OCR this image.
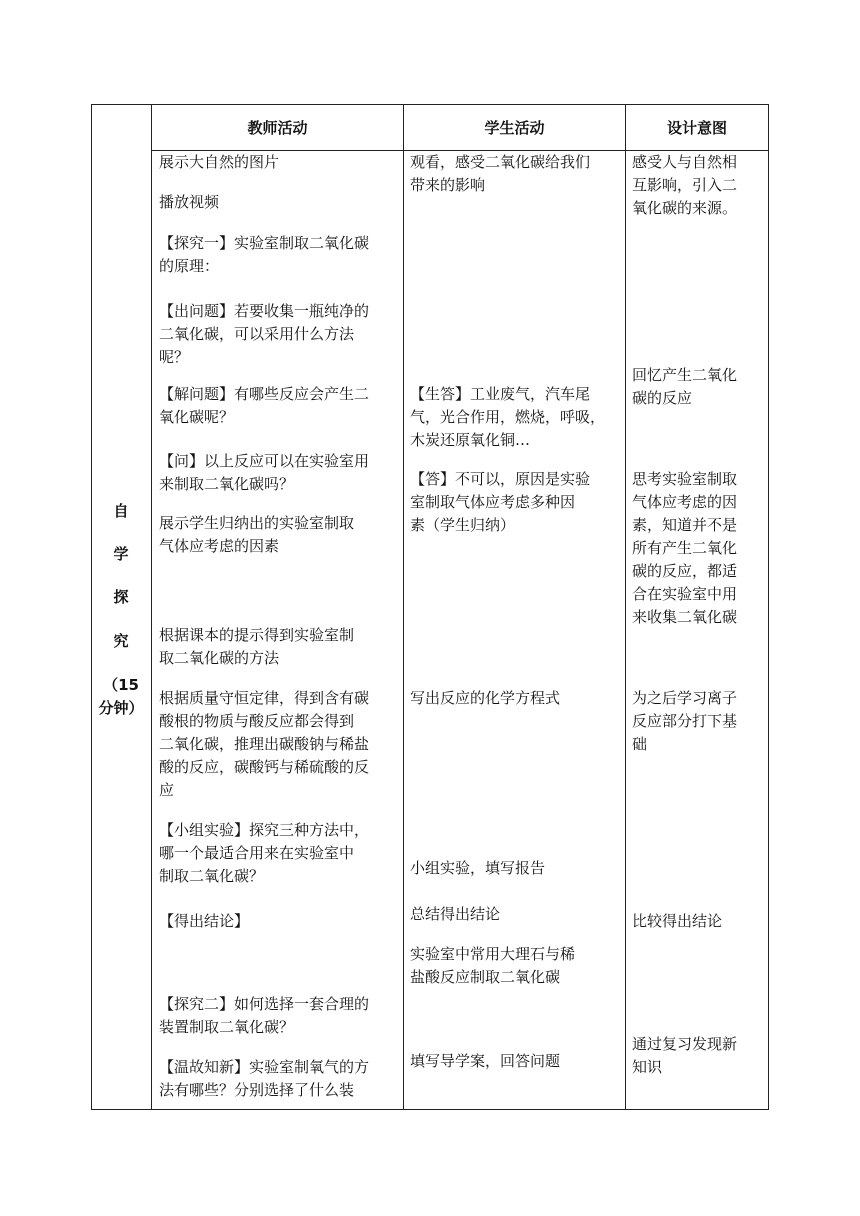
教师活动	学生活动	设计意图
自
学
探
究
（15
分钟）

展示大自然的图片

播放视频

【探究一】实验室制取二氧化碳
的原理：

【出问题】若要收集一瓶纯净的
二氧化碳，可以采用什么方法
呢？

【解问题】有哪些反应会产生二
氧化碳呢？

【问】以上反应可以在实验室用
来制取二氧化碳吗？

展示学生归纳出的实验室制取
气体应考虑的因素

根据课本的提示得到实验室制
取二氧化碳的方法

根据质量守恒定律，得到含有碳
酸根的物质与酸反应都会得到
二氧化碳，推理出碳酸钠与稀盐
酸的反应，碳酸钙与稀硫酸的反
应

【小组实验】探究三种方法中，
哪一个最适合用来在实验室中
制取二氧化碳？

【得出结论】

【探究二】如何选择一套合理的
装置制取二氧化碳？

【温故知新】实验室制氧气的方
法有哪些？分别选择了什么装

观看，感受二氧化碳给我们
带来的影响

【生答】工业废气，汽车尾
气，光合作用，燃烧，呼吸，
木炭还原氧化铜…

【答】不可以，原因是实验
室制取气体应考虑多种因
素（学生归纳）

写出反应的化学方程式

小组实验，填写报告

总结得出结论

实验室中常用大理石与稀
盐酸反应制取二氧化碳

填写导学案，回答问题

感受人与自然相
互影响，引入二
氧化碳的来源。

回忆产生二氧化
碳的反应

思考实验室制取
气体应考虑的因
素，知道并不是
所有产生二氧化
碳的反应，都适
合在实验室中用
来收集二氧化碳

为之后学习离子
反应部分打下基
础

比较得出结论

通过复习发现新
知识
